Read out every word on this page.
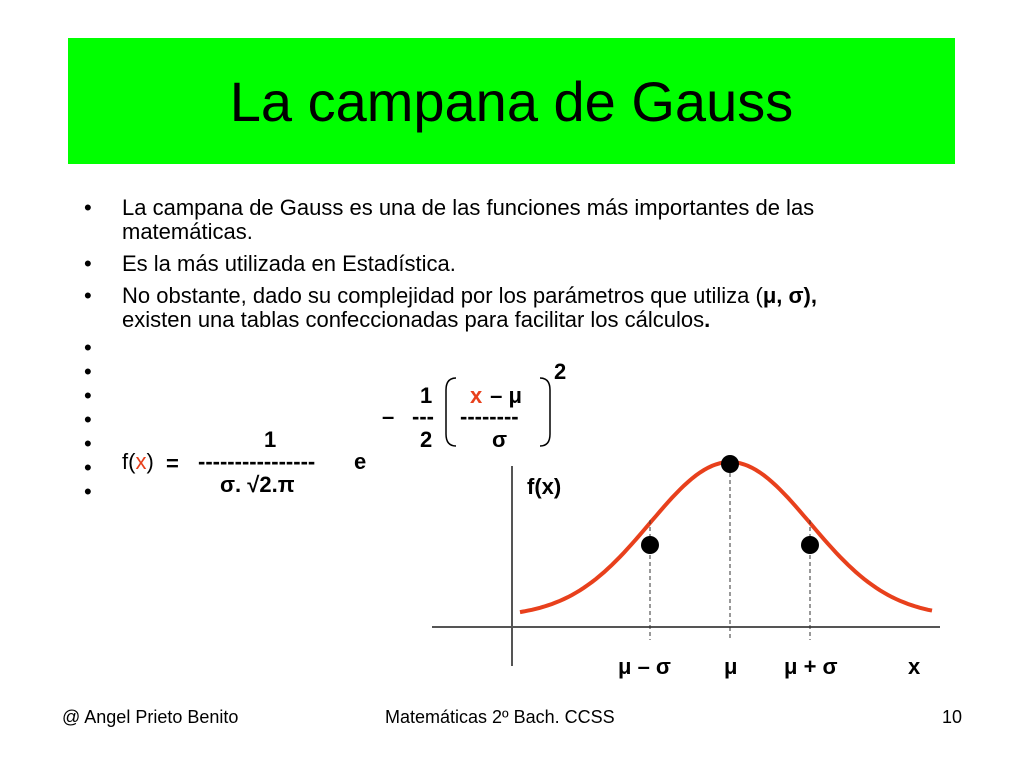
La campana de Gauss
• La campana de Gauss es una de las funciones más importantes de las
matemáticas.
• Es la más utilizada en Estadística.
• No obstante, dado su complejidad por los parámetros que utiliza (μ, σ),
existen una tablas confeccionadas para facilitar los cálculos.
•
•
•
•
•
•
•
2
1 x – μ
– --- --------
2	σ
1
f(x) = ---------------- e
σ. √2.π	f(x)
μ – σ μ μ + σ	x
@ Angel Prieto Benito	Matemáticas 2º Bach. CCSS	10
